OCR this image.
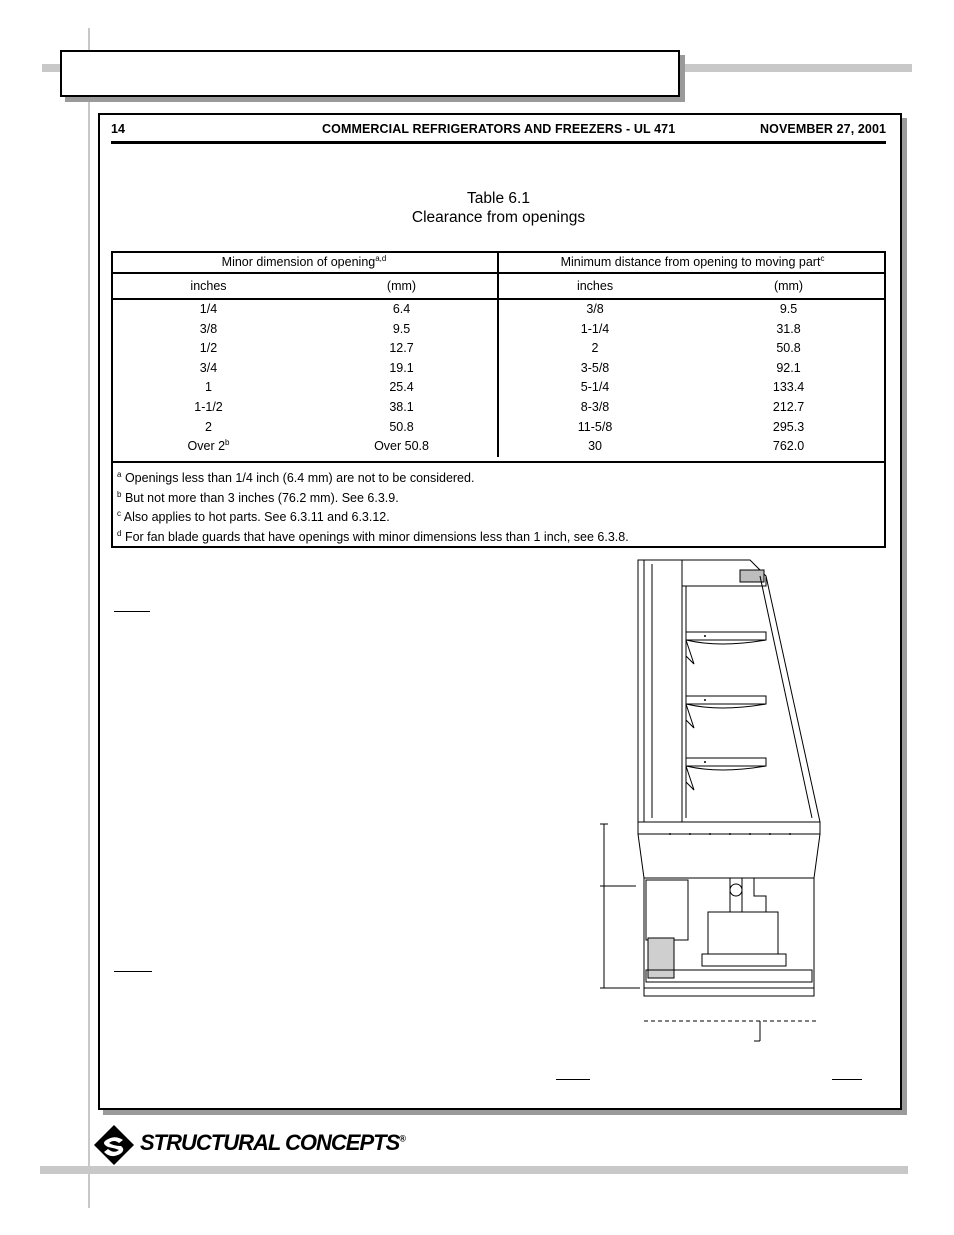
14	COMMERCIAL REFRIGERATORS AND FREEZERS - UL 471	NOVEMBER 27, 2001
Table 6.1
Clearance from openings
Minor dimension of opening$^{a,d}$		Minimum distance from opening to moving part$^c$
inches	(mm)	inches	(mm)
1/4	6.4	3/8	9.5
3/8	9.5	1-1/4	31.8
1/2	12.7	2	50.8
3/4	19.1	3-5/8	92.1
1	25.4	5-1/4	133.4
1-1/2	38.1	8-3/8	212.7
2	50.8	11-5/8	295.3
Over 2$^b$	Over 50.8	30	762.0
$^a$ Openings less than 1/4 inch (6.4 mm) are not to be considered.
$^b$ But not more than 3 inches (76.2 mm). See 6.3.9.
$^c$ Also applies to hot parts. See 6.3.11 and 6.3.12.
$^d$ For fan blade guards that have openings with minor dimensions less than 1 inch, see 6.3.8.
STRUCTURAL CONCEPTS®
